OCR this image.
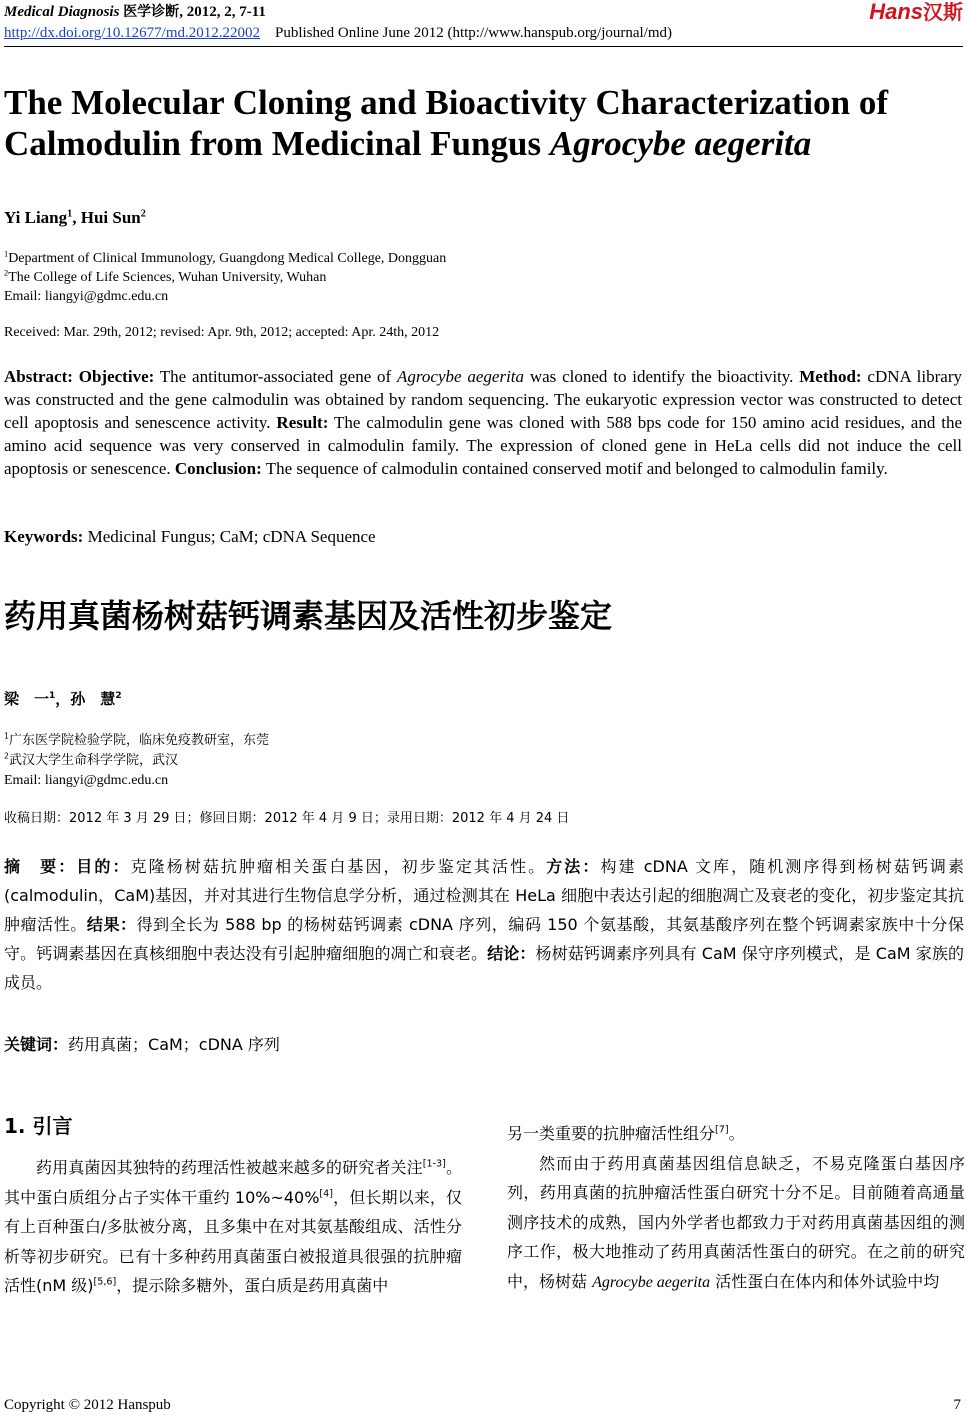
Medical Diagnosis 医学诊断, 2012, 2, 7-11
http://dx.doi.org/10.12677/md.2012.22002 Published Online June 2012 (http://www.hanspub.org/journal/md)
Hans汉斯
The Molecular Cloning and Bioactivity Characterization of
Calmodulin from Medicinal Fungus Agrocybe aegerita
Yi Liang$^1$, Hui Sun$^2$
$^1$Department of Clinical Immunology, Guangdong Medical College, Dongguan
$^2$The College of Life Sciences, Wuhan University, Wuhan
Email: liangyi@gdmc.edu.cn
Received: Mar. 29th, 2012; revised: Apr. 9th, 2012; accepted: Apr. 24th, 2012
Abstract: Objective: The antitumor-associated gene of Agrocybe aegerita was cloned to identify the bioactivity. Method: cDNA library was constructed and the gene calmodulin was obtained by random sequencing. The eukaryotic expression vector was constructed to detect cell apoptosis and senescence activity. Result: The calmodulin gene was cloned with 588 bps code for 150 amino acid residues, and the amino acid sequence was very conserved in calmodulin family. The expression of cloned gene in HeLa cells did not induce the cell apoptosis or senescence. Conclusion: The sequence of calmodulin contained conserved motif and belonged to calmodulin family.
Keywords: Medicinal Fungus; CaM; cDNA Sequence
药用真菌杨树菇钙调素基因及活性初步鉴定
梁　一$^1$，孙　慧$^2$
$^1$广东医学院检验学院，临床免疫教研室，东莞
$^2$武汉大学生命科学学院，武汉
Email: liangyi@gdmc.edu.cn
收稿日期：2012 年 3 月 29 日；修回日期：2012 年 4 月 9 日；录用日期：2012 年 4 月 24 日
摘　要：目的：克隆杨树菇抗肿瘤相关蛋白基因，初步鉴定其活性。方法：构建 cDNA 文库，随机测序得到杨树菇钙调素(calmodulin，CaM)基因，并对其进行生物信息学分析，通过检测其在 HeLa 细胞中表达引起的细胞凋亡及衰老的变化，初步鉴定其抗肿瘤活性。结果：得到全长为 588 bp 的杨树菇钙调素 cDNA 序列，编码 150 个氨基酸，其氨基酸序列在整个钙调素家族中十分保守。钙调素基因在真核细胞中表达没有引起肿瘤细胞的凋亡和衰老。结论：杨树菇钙调素序列具有 CaM 保守序列模式，是 CaM 家族的成员。
关键词：药用真菌；CaM；cDNA 序列
1. 引言

药用真菌因其独特的药理活性被越来越多的研究者关注[1-3]。其中蛋白质组分占子实体干重约 10%~40%[4]，但长期以来，仅有上百种蛋白/多肽被分离，且多集中在对其氨基酸组成、活性分析等初步研究。已有十多种药用真菌蛋白被报道具很强的抗肿瘤活性(nM 级)[5,6]，提示除多糖外，蛋白质是药用真菌中

另一类重要的抗肿瘤活性组分[7]。

然而由于药用真菌基因组信息缺乏，不易克隆蛋白基因序列，药用真菌的抗肿瘤活性蛋白研究十分不足。目前随着高通量测序技术的成熟，国内外学者也都致力于对药用真菌基因组的测序工作，极大地推动了药用真菌活性蛋白的研究。在之前的研究中，杨树菇 Agrocybe aegerita 活性蛋白在体内和体外试验中均

Copyright © 2012 Hanspub	7
